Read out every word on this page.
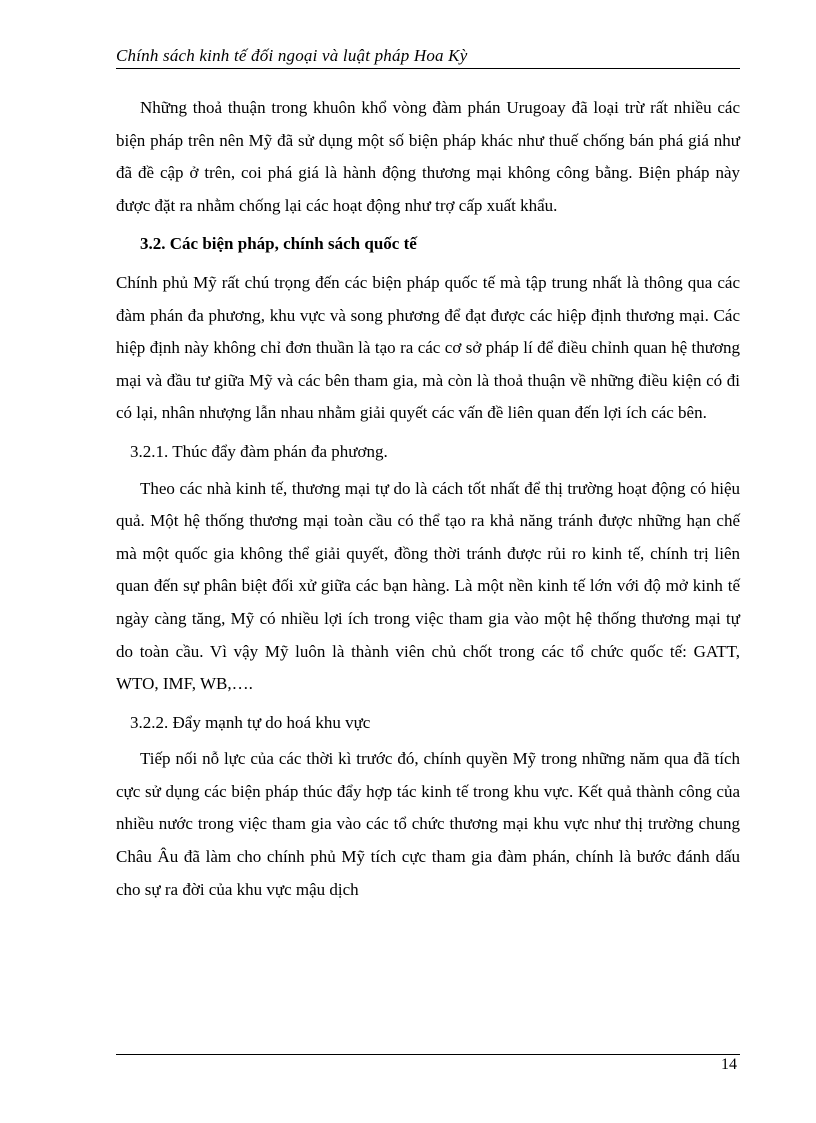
Chính sách kinh tế đối ngoại và luật pháp Hoa Kỳ

Những thoả thuận trong khuôn khổ vòng đàm phán Urugoay đã loại trừ rất nhiều các biện pháp trên nên Mỹ đã sử dụng một số biện pháp khác như thuế chống bán phá giá như đã đề cập ở trên, coi phá giá là hành động thương mại không công bằng. Biện pháp này được đặt ra nhằm chống lại các hoạt động như trợ cấp xuất khẩu.

3.2. Các biện pháp, chính sách quốc tế

Chính phủ Mỹ rất chú trọng đến các biện pháp quốc tế mà tập trung nhất là thông qua các đàm phán đa phương, khu vực và song phương để đạt được các hiệp định thương mại. Các hiệp định này không chỉ đơn thuần là tạo ra các cơ sở pháp lí để điều chỉnh quan hệ thương mại và đầu tư giữa Mỹ và các bên tham gia, mà còn là thoả thuận về những điều kiện có đi có lại, nhân nhượng lẫn nhau nhằm giải quyết các vấn đề liên quan đến lợi ích các bên.

3.2.1. Thúc đẩy đàm phán đa phương.

Theo các nhà kinh tế, thương mại tự do là cách tốt nhất để thị trường hoạt động có hiệu quả. Một hệ thống thương mại toàn cầu có thể tạo ra khả năng tránh được những hạn chế mà một quốc gia không thể giải quyết, đồng thời tránh được rủi ro kinh tế, chính trị liên quan đến sự phân biệt đối xử giữa các bạn hàng. Là một nền kinh tế lớn với độ mở kinh tế ngày càng tăng, Mỹ có nhiều lợi ích trong việc tham gia vào một hệ thống thương mại tự do toàn cầu. Vì vậy Mỹ luôn là thành viên chủ chốt trong các tổ chức quốc tế: GATT, WTO, IMF, WB,….

3.2.2. Đẩy mạnh tự do hoá khu vực

Tiếp nối nỗ lực của các thời kì trước đó, chính quyền Mỹ trong những năm qua đã tích cực sử dụng các biện pháp thúc đẩy hợp tác kinh tế trong khu vực. Kết quả thành công của nhiều nước trong việc tham gia vào các tổ chức thương mại khu vực như thị trường chung Châu Âu đã làm cho chính phủ Mỹ tích cực tham gia đàm phán, chính là bước đánh dấu cho sự ra đời của khu vực mậu dịch

14
